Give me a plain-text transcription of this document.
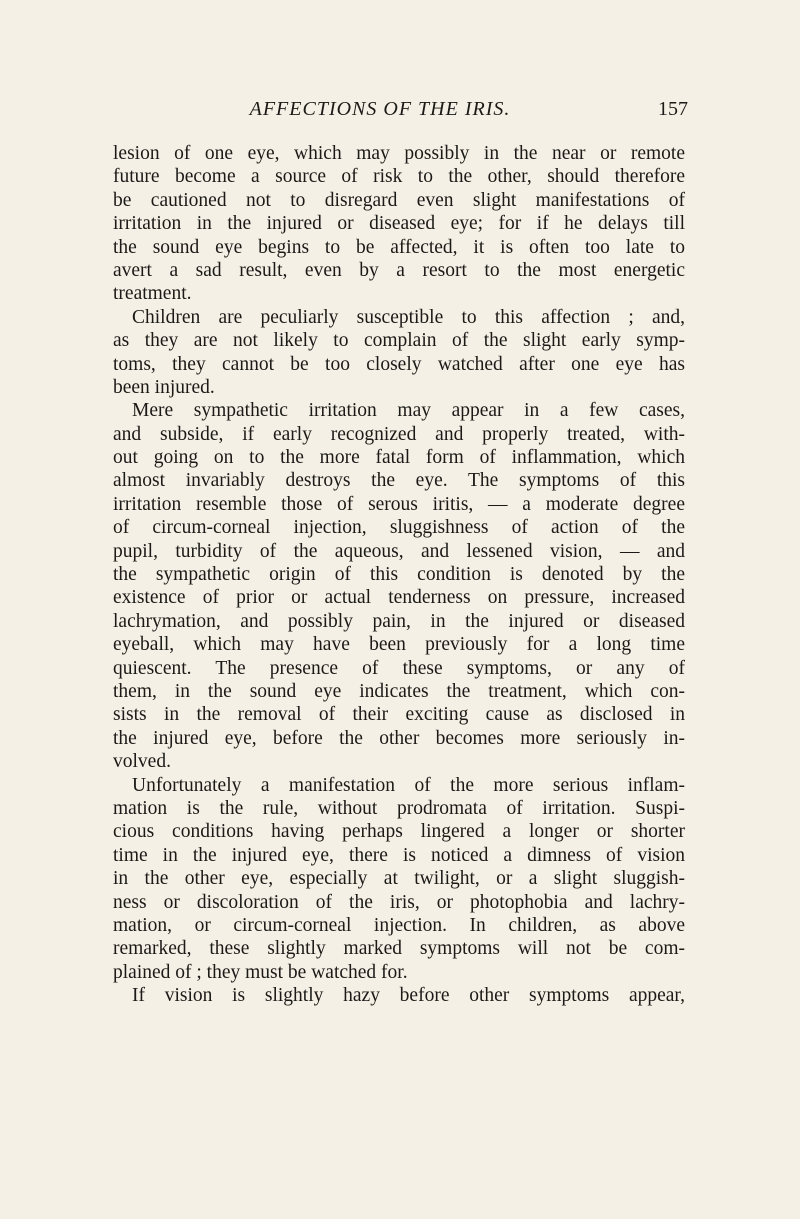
AFFECTIONS OF THE IRIS.	157
lesion of one eye, which may possibly in the near or remote
future become a source of risk to the other, should therefore
be cautioned not to disregard even slight manifestations of
irritation in the injured or diseased eye; for if he delays till
the sound eye begins to be affected, it is often too late to
avert a sad result, even by a resort to the most energetic
treatment.
Children are peculiarly susceptible to this affection ; and,
as they are not likely to complain of the slight early symp-
toms, they cannot be too closely watched after one eye has
been injured.
Mere sympathetic irritation may appear in a few cases,
and subside, if early recognized and properly treated, with-
out going on to the more fatal form of inflammation, which
almost invariably destroys the eye. The symptoms of this
irritation resemble those of serous iritis, — a moderate degree
of circum-corneal injection, sluggishness of action of the
pupil, turbidity of the aqueous, and lessened vision, — and
the sympathetic origin of this condition is denoted by the
existence of prior or actual tenderness on pressure, increased
lachrymation, and possibly pain, in the injured or diseased
eyeball, which may have been previously for a long time
quiescent. The presence of these symptoms, or any of
them, in the sound eye indicates the treatment, which con-
sists in the removal of their exciting cause as disclosed in
the injured eye, before the other becomes more seriously in-
volved.
Unfortunately a manifestation of the more serious inflam-
mation is the rule, without prodromata of irritation. Suspi-
cious conditions having perhaps lingered a longer or shorter
time in the injured eye, there is noticed a dimness of vision
in the other eye, especially at twilight, or a slight sluggish-
ness or discoloration of the iris, or photophobia and lachry-
mation, or circum-corneal injection. In children, as above
remarked, these slightly marked symptoms will not be com-
plained of ; they must be watched for.
If vision is slightly hazy before other symptoms appear,
